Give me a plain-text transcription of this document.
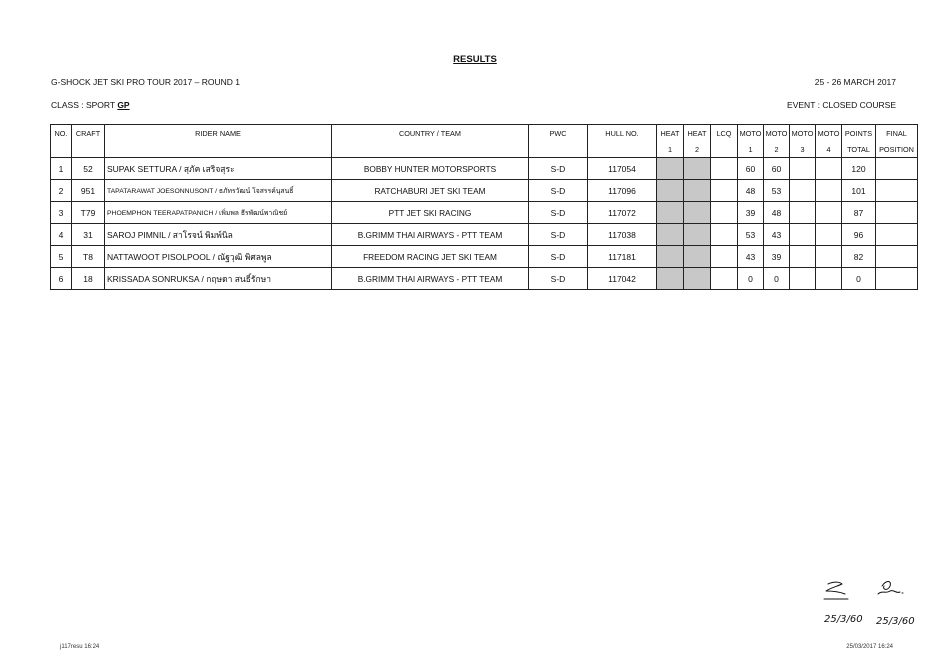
RESULTS
G-SHOCK JET SKI PRO TOUR 2017 – ROUND 1	25 - 26 MARCH 2017
CLASS : SPORT GP	EVENT : CLOSED COURSE
NO.	CRAFT	RIDER NAME	COUNTRY / TEAM	PWC	HULL NO.	HEAT	HEAT	LCQ	MOTO	MOTO	MOTO	MOTO	POINTS	FINAL
						1	2		1	2	3	4	TOTAL	POSITION
1	52	SUPAK SETTURA / สุภัค เสริจสุระ	BOBBY HUNTER MOTORSPORTS	S-D	117054				60	60			120	
2	951	TAPATARAWAT JOESONNUSONT / ธภัทรวัฒน์ โจสรรค์นุสนธิ์	RATCHABURI JET SKI TEAM	S-D	117096				48	53			101	
3	T79	PHOEMPHON TEERAPATPANICH / เพิ่มพล ธีรพัฒน์พาณิชย์	PTT JET SKI RACING	S-D	117072				39	48			87	
4	31	SAROJ PIMNIL / สาโรจน์ พิมพ์นิล	B.GRIMM THAI AIRWAYS - PTT TEAM	S-D	117038				53	43			96	
5	T8	NATTAWOOT PISOLPOOL / ณัฐวุฒิ พิศลพูล	FREEDOM RACING JET SKI TEAM	S-D	117181				43	39			82	
6	18	KRISSADA SONRUKSA / กฤษดา สนธิ์รักษา	B.GRIMM THAI AIRWAYS - PTT TEAM	S-D	117042				0	0			0	
25/3/60 25/3/60
j117resu 16:24	25/03/2017 16:24
